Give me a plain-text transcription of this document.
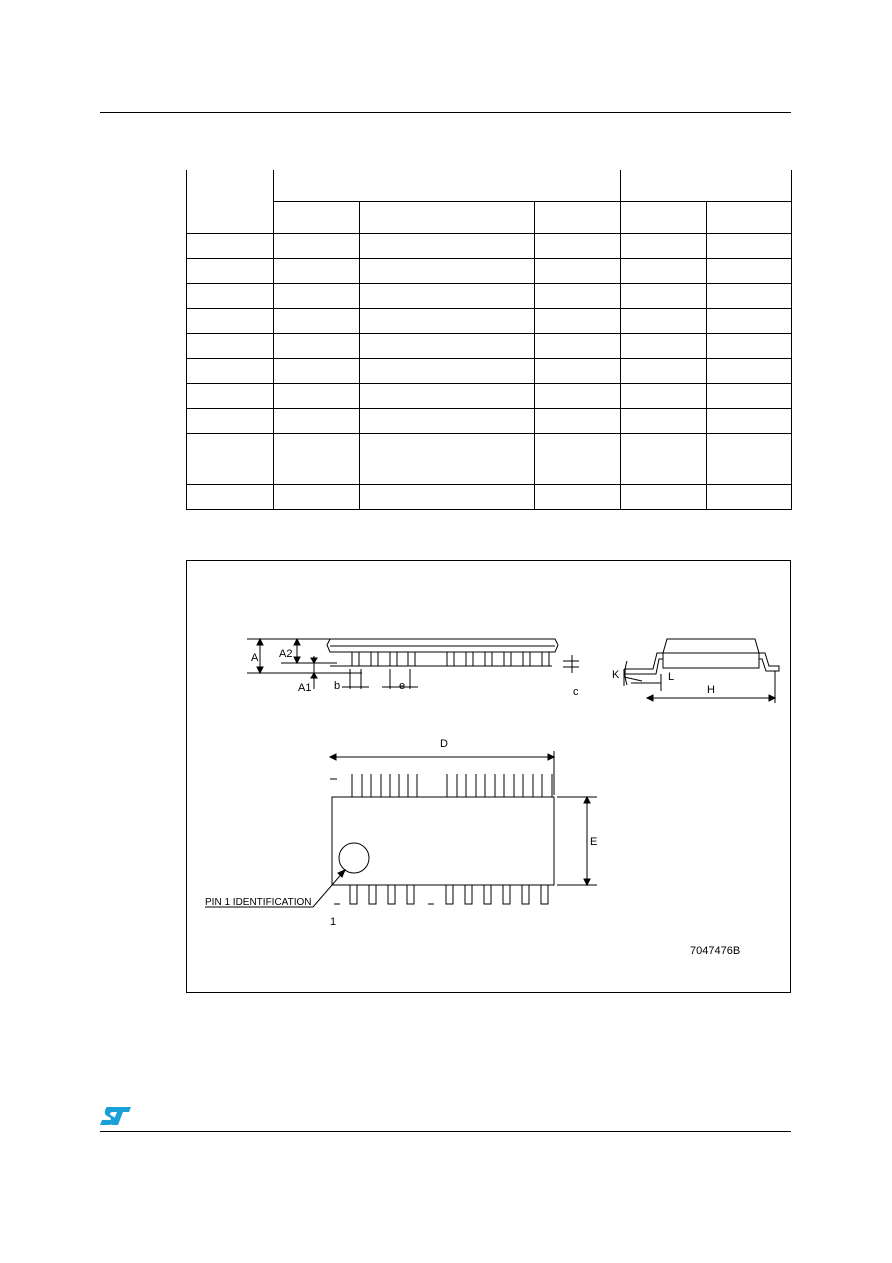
A A2
A1 b	e	c
K	L
H
D
E
PIN 1 IDENTIFICATION
1
7047476B
